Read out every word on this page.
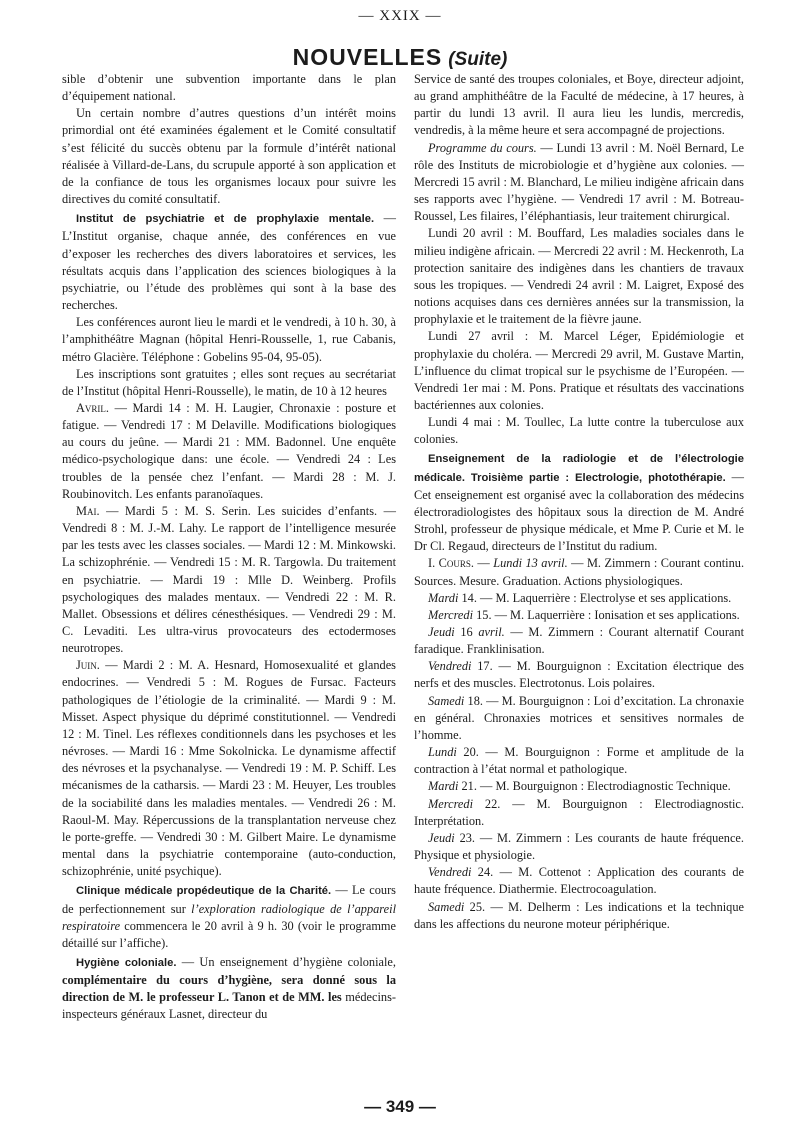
— XXIX —
NOUVELLES (Suite)

sible d’obtenir une subvention importante dans le plan d’équipement national.

Un certain nombre d’autres questions d’un intérêt moins primordial ont été examinées également et le Comité consultatif s’est félicité du succès obtenu par la formule d’intérêt national réalisée à Villard-de-Lans, du scrupule apporté à son application et de la confiance de tous les organismes locaux pour suivre les directives du comité consultatif.

Institut de psychiatrie et de prophylaxie mentale. — L’Institut organise, chaque année, des conférences en vue d’exposer les recherches des divers laboratoires et services, les résultats acquis dans l’application des sciences biologiques à la psychiatrie, ou l’étude des problèmes qui sont à la base des recherches.

Les conférences auront lieu le mardi et le vendredi, à 10 h. 30, à l’amphithéâtre Magnan (hôpital Henri-Rousselle, 1, rue Cabanis, métro Glacière. Téléphone : Gobelins 95-04, 95-05).

Les inscriptions sont gratuites ; elles sont reçues au secrétariat de l’Institut (hôpital Henri-Rousselle), le matin, de 10 à 12 heures

Avril. — Mardi 14 : M. H. Laugier, Chronaxie : posture et fatigue. — Vendredi 17 : M Delaville. Modifications biologiques au cours du jeûne. — Mardi 21 : MM. Badonnel. Une enquête médico-psychologique dans: une école. — Vendredi 24 : Les troubles de la pensée chez l’enfant. — Mardi 28 : M. J. Roubinovitch. Les enfants paranoïaques.

Mai. — Mardi 5 : M. S. Serin. Les suicides d’enfants. — Vendredi 8 : M. J.-M. Lahy. Le rapport de l’intelligence mesurée par les tests avec les classes sociales. — Mardi 12 : M. Minkowski. La schizophrénie. — Vendredi 15 : M. R. Targowla. Du traitement en psychiatrie. — Mardi 19 : Mlle D. Weinberg. Profils psychologiques des malades mentaux. — Vendredi 22 : M. R. Mallet. Obsessions et délires cénesthésiques. — Vendredi 29 : M. C. Levaditi. Les ultra-virus provocateurs des ectodermoses neurotropes.

Juin. — Mardi 2 : M. A. Hesnard, Homosexualité et glandes endocrines. — Vendredi 5 : M. Rogues de Fursac. Facteurs pathologiques de l’étiologie de la criminalité. — Mardi 9 : M. Misset. Aspect physique du déprimé constitutionnel. — Vendredi 12 : M. Tinel. Les réflexes conditionnels dans les psychoses et les névroses. — Mardi 16 : Mme Sokolnicka. Le dynamisme affectif des névroses et la psychanalyse. — Vendredi 19 : M. P. Schiff. Les mécanismes de la catharsis. — Mardi 23 : M. Heuyer, Les troubles de la sociabilité dans les maladies mentales. — Vendredi 26 : M. Raoul-M. May. Répercussions de la transplantation nerveuse chez le porte-greffe. — Vendredi 30 : M. Gilbert Maire. Le dynamisme mental dans la psychiatrie contemporaine (auto-conduction, schizophrénie, unité psychique).

Clinique médicale propédeutique de la Charité. — Le cours de perfectionnement sur l’exploration radiologique de l’appareil respiratoire commencera le 20 avril à 9 h. 30 (voir le programme détaillé sur l’affiche).

Hygiène coloniale. — Un enseignement d’hygiène coloniale, complémentaire du cours d’hygiène, sera donné sous la direction de M. le professeur L. Tanon et de MM. les médecins-inspecteurs généraux Lasnet, directeur du

Service de santé des troupes coloniales, et Boye, directeur adjoint, au grand amphithéâtre de la Faculté de médecine, à 17 heures, à partir du lundi 13 avril. Il aura lieu les lundis, mercredis, vendredis, à la même heure et sera accompagné de projections.

Programme du cours. — Lundi 13 avril : M. Noël Bernard, Le rôle des Instituts de microbiologie et d’hygiène aux colonies. — Mercredi 15 avril : M. Blanchard, Le milieu indigène africain dans ses rapports avec l’hygiène. — Vendredi 17 avril : M. Botreau-Roussel, Les filaires, l’éléphantiasis, leur traitement chirurgical.

Lundi 20 avril : M. Bouffard, Les maladies sociales dans le milieu indigène africain. — Mercredi 22 avril : M. Heckenroth, La protection sanitaire des indigènes dans les chantiers de travaux sous les tropiques. — Vendredi 24 avril : M. Laigret, Exposé des notions acquises dans ces dernières années sur la transmission, la prophylaxie et le traitement de la fièvre jaune.

Lundi 27 avril : M. Marcel Léger, Epidémiologie et prophylaxie du choléra. — Mercredi 29 avril, M. Gustave Martin, L’influence du climat tropical sur le psychisme de l’Européen. — Vendredi 1er mai : M. Pons. Pratique et résultats des vaccinations bactériennes aux colonies.

Lundi 4 mai : M. Toullec, La lutte contre la tuberculose aux colonies.

Enseignement de la radiologie et de l’électrologie médicale. Troisième partie : Electrologie, photothérapie. — Cet enseignement est organisé avec la collaboration des médecins électroradiologistes des hôpitaux sous la direction de M. André Strohl, professeur de physique médicale, et Mme P. Curie et M. le Dr Cl. Regaud, directeurs de l’Institut du radium.

I. Cours. — Lundi 13 avril. — M. Zimmern : Courant continu. Sources. Mesure. Graduation. Actions physiologiques.

Mardi 14. — M. Laquerrière : Electrolyse et ses applications.

Mercredi 15. — M. Laquerrière : Ionisation et ses applications.

Jeudi 16 avril. — M. Zimmern : Courant alternatif Courant faradique. Franklinisation.

Vendredi 17. — M. Bourguignon : Excitation électrique des nerfs et des muscles. Electrotonus. Lois polaires.

Samedi 18. — M. Bourguignon : Loi d’excitation. La chronaxie en général. Chronaxies motrices et sensitives normales de l’homme.

Lundi 20. — M. Bourguignon : Forme et amplitude de la contraction à l’état normal et pathologique.

Mardi 21. — M. Bourguignon : Electrodiagnostic Technique.

Mercredi 22. — M. Bourguignon : Electrodiagnostic. Interprétation.

Jeudi 23. — M. Zimmern : Les courants de haute fréquence. Physique et physiologie.

Vendredi 24. — M. Cottenot : Application des courants de haute fréquence. Diathermie. Electrocoagulation.

Samedi 25. — M. Delherm : Les indications et la technique dans les affections du neurone moteur périphérique.

— 349 —
